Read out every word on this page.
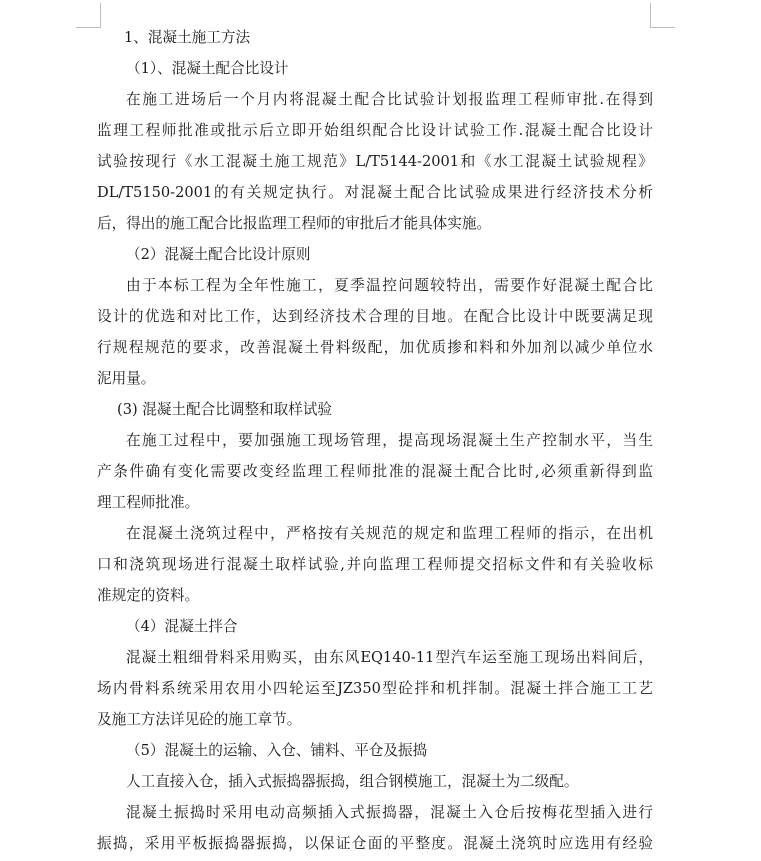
1、混凝土施工方法
（1）、混凝土配合比设计
在施工进场后一个月内将混凝土配合比试验计划报监理工程师审批.在得到
监理工程师批准或批示后立即开始组织配合比设计试验工作.混凝土配合比设计
试验按现行《水工混凝土施工规范》L/T5144-2001和《水工混凝土试验规程》
DL/T5150-2001的有关规定执行。对混凝土配合比试验成果进行经济技术分析
后，得出的施工配合比报监理工程师的审批后才能具体实施。
（2）混凝土配合比设计原则
由于本标工程为全年性施工，夏季温控问题较特出，需要作好混凝土配合比
设计的优选和对比工作，达到经济技术合理的目地。在配合比设计中既要满足现
行规程规范的要求，改善混凝土骨料级配，加优质掺和料和外加剂以减少单位水
泥用量。
(3) 混凝土配合比调整和取样试验
在施工过程中，要加强施工现场管理，提高现场混凝土生产控制水平，当生
产条件确有变化需要改变经监理工程师批准的混凝土配合比时,必须重新得到监
理工程师批准。
在混凝土浇筑过程中，严格按有关规范的规定和监理工程师的指示，在出机
口和浇筑现场进行混凝土取样试验,并向监理工程师提交招标文件和有关验收标
准规定的资料。
（4）混凝土拌合
混凝土粗细骨料采用购买，由东风EQ140-11型汽车运至施工现场出料间后，
场内骨料系统采用农用小四轮运至JZ350型砼拌和机拌制。混凝土拌合施工工艺
及施工方法详见砼的施工章节。
（5）混凝土的运输、入仓、铺料、平仓及振捣
人工直接入仓，插入式振捣器振捣，组合钢模施工，混凝土为二级配。
混凝土振捣时采用电动高频插入式振捣器，混凝土入仓后按梅花型插入进行
振捣，采用平板振捣器振捣，以保证仓面的平整度。混凝土浇筑时应选用有经验
